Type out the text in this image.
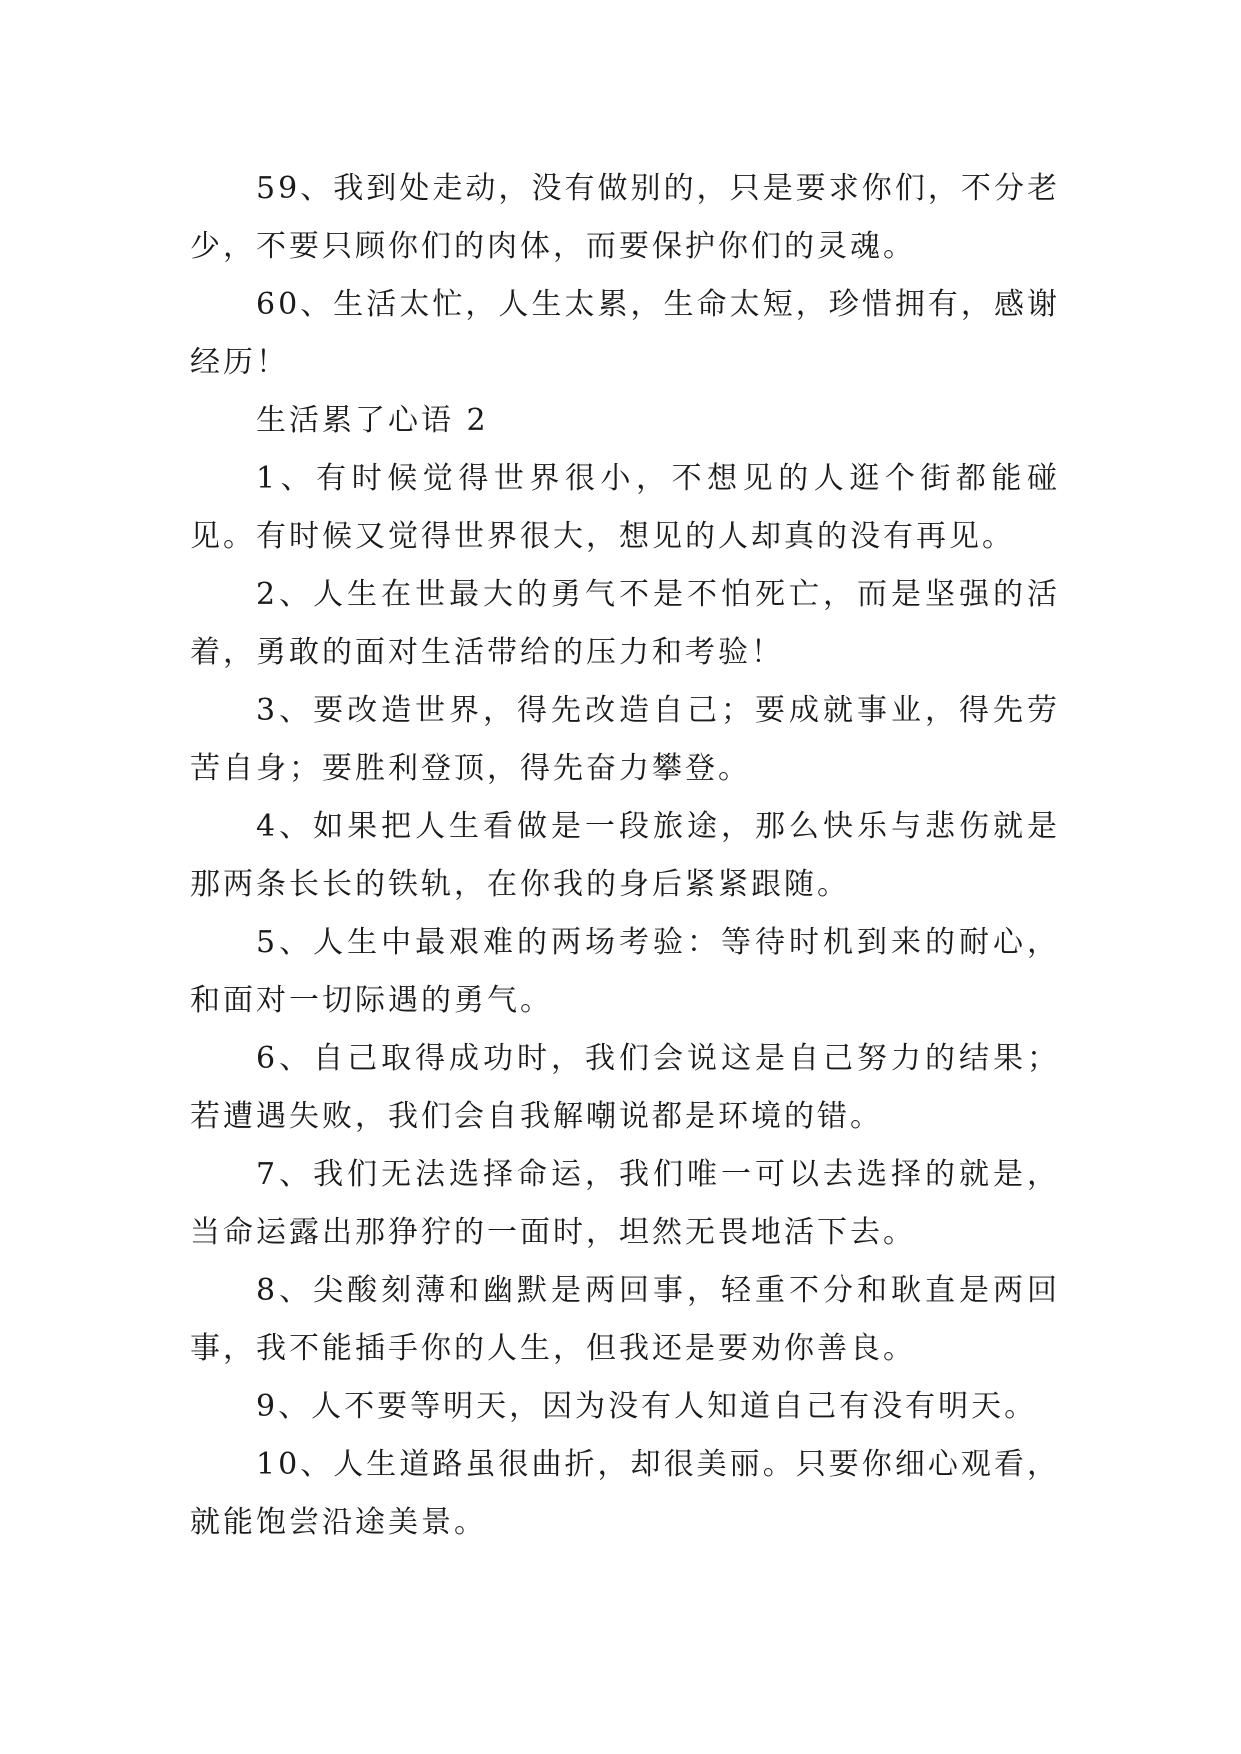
59、我到处走动，没有做别的，只是要求你们，不分老少，不要只顾你们的肉体，而要保护你们的灵魂。

60、生活太忙，人生太累，生命太短，珍惜拥有，感谢经历！

生活累了心语 2

1、有时候觉得世界很小，不想见的人逛个街都能碰见。有时候又觉得世界很大，想见的人却真的没有再见。

2、人生在世最大的勇气不是不怕死亡，而是坚强的活着，勇敢的面对生活带给的压力和考验！

3、要改造世界，得先改造自己；要成就事业，得先劳苦自身；要胜利登顶，得先奋力攀登。

4、如果把人生看做是一段旅途，那么快乐与悲伤就是那两条长长的铁轨，在你我的身后紧紧跟随。

5、人生中最艰难的两场考验：等待时机到来的耐心，和面对一切际遇的勇气。

6、自己取得成功时，我们会说这是自己努力的结果；若遭遇失败，我们会自我解嘲说都是环境的错。

7、我们无法选择命运，我们唯一可以去选择的就是，当命运露出那狰狞的一面时，坦然无畏地活下去。

8、尖酸刻薄和幽默是两回事，轻重不分和耿直是两回事，我不能插手你的人生，但我还是要劝你善良。

9、人不要等明天，因为没有人知道自己有没有明天。

10、人生道路虽很曲折，却很美丽。只要你细心观看，就能饱尝沿途美景。
